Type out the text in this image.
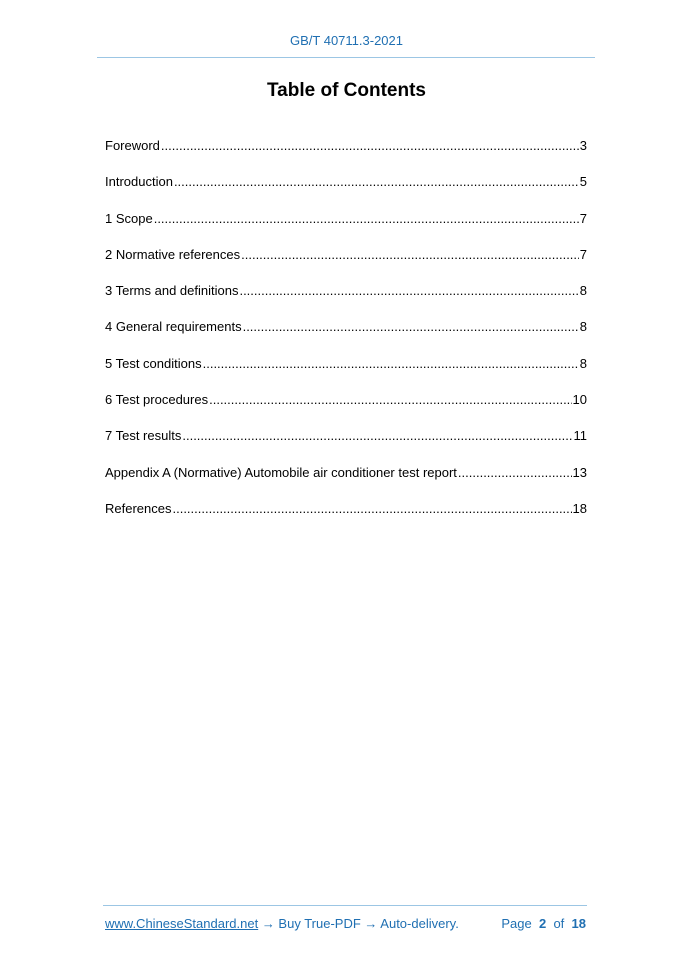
GB/T 40711.3-2021
Table of Contents
Foreword .....	3
Introduction .....	5
1 Scope .....	7
2 Normative references .....	7
3 Terms and definitions .....	8
4 General requirements .....	8
5 Test conditions .....	8
6 Test procedures .....	10
7 Test results .....	11
Appendix A (Normative) Automobile air conditioner test report .....	13
References .....	18
www.ChineseStandard.net → Buy True-PDF → Auto-delivery.	Page 2 of 18
